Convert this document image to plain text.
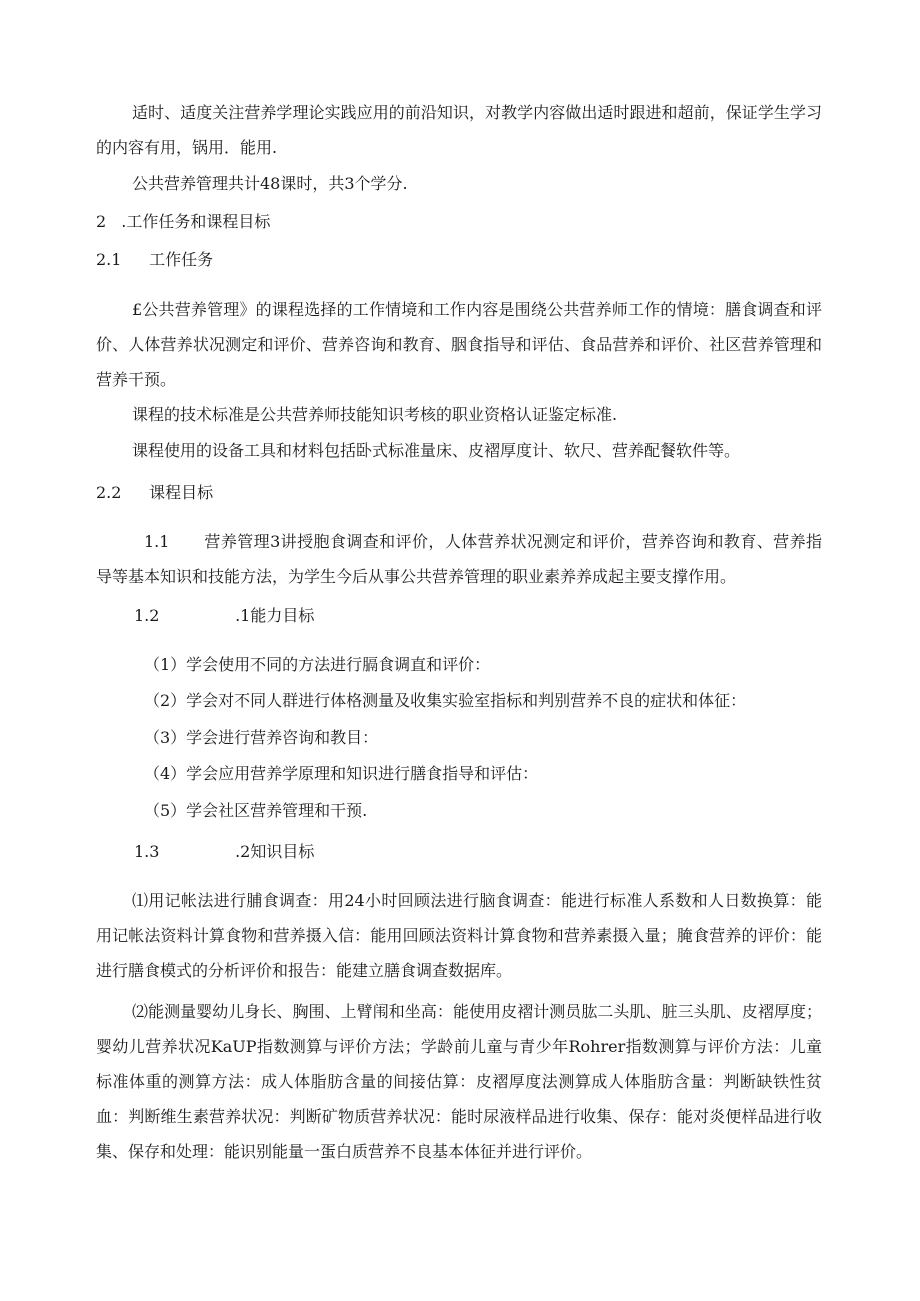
适时、适度关注营养学理论实践应用的前沿知识，对教学内容做出适时跟进和超前，保证学生学习的内容有用，锅用．能用.
公共营养管理共计48课时，共3个学分.
2 .工作任务和课程目标
2.1 工作任务
£公共营养管理》的课程选择的工作情境和工作内容是围绕公共营养师工作的情境：膳食调查和评价、人体营养状况测定和评价、营养咨询和教育、胭食指导和评估、食品营养和评价、社区营养管理和营养干预。
课程的技术标准是公共营养师技能知识考核的职业资格认证鉴定标准.
课程使用的设备工具和材料包括卧式标准量床、皮褶厚度计、软尺、营养配餐软件等。
2.2 课程目标
1.1 营养管理3讲授胞食调查和评价，人体营养状况测定和评价，营养咨询和教育、营养指导等基本知识和技能方法，为学生今后从事公共营养管理的职业素养养成起主要支撑作用。
1.2	.1能力目标
（1）学会使用不同的方法进行膈食调直和评价：
（2）学会对不同人群进行体格测量及收集实验室指标和判别营养不良的症状和体征：
（3）学会进行营养咨询和教目：
（4）学会应用营养学原理和知识进行膳食指导和评估：
（5）学会社区营养管理和干预.
1.3	.2知识目标
⑴用记帐法进行脯食调查：用24小时回顾法进行脑食调查：能进行标准人系数和人日数换算：能用记帐法资料计算食物和营养摄入信：能用回顾法资料计算食物和营养素摄入量；腌食营养的评价：能进行膳食模式的分析评价和报告：能建立膳食调查数据库。
⑵能测量婴幼儿身长、胸围、上臂闱和坐高：能使用皮褶计测员肱二头肌、脏三头肌、皮褶厚度；婴幼儿营养状况KaUP指数测算与评价方法；学龄前儿童与青少年Rohrer指数测算与评价方法：儿童标准体重的测算方法：成人体脂肪含量的间接估算：皮褶厚度法测算成人体脂肪含量：判断缺铁性贫血：判断维生素营养状况：判断矿物质营养状况：能时尿液样品进行收集、保存：能对炎便样品进行收集、保存和处理：能识别能量一蛋白质营养不良基本体征并进行评价。
